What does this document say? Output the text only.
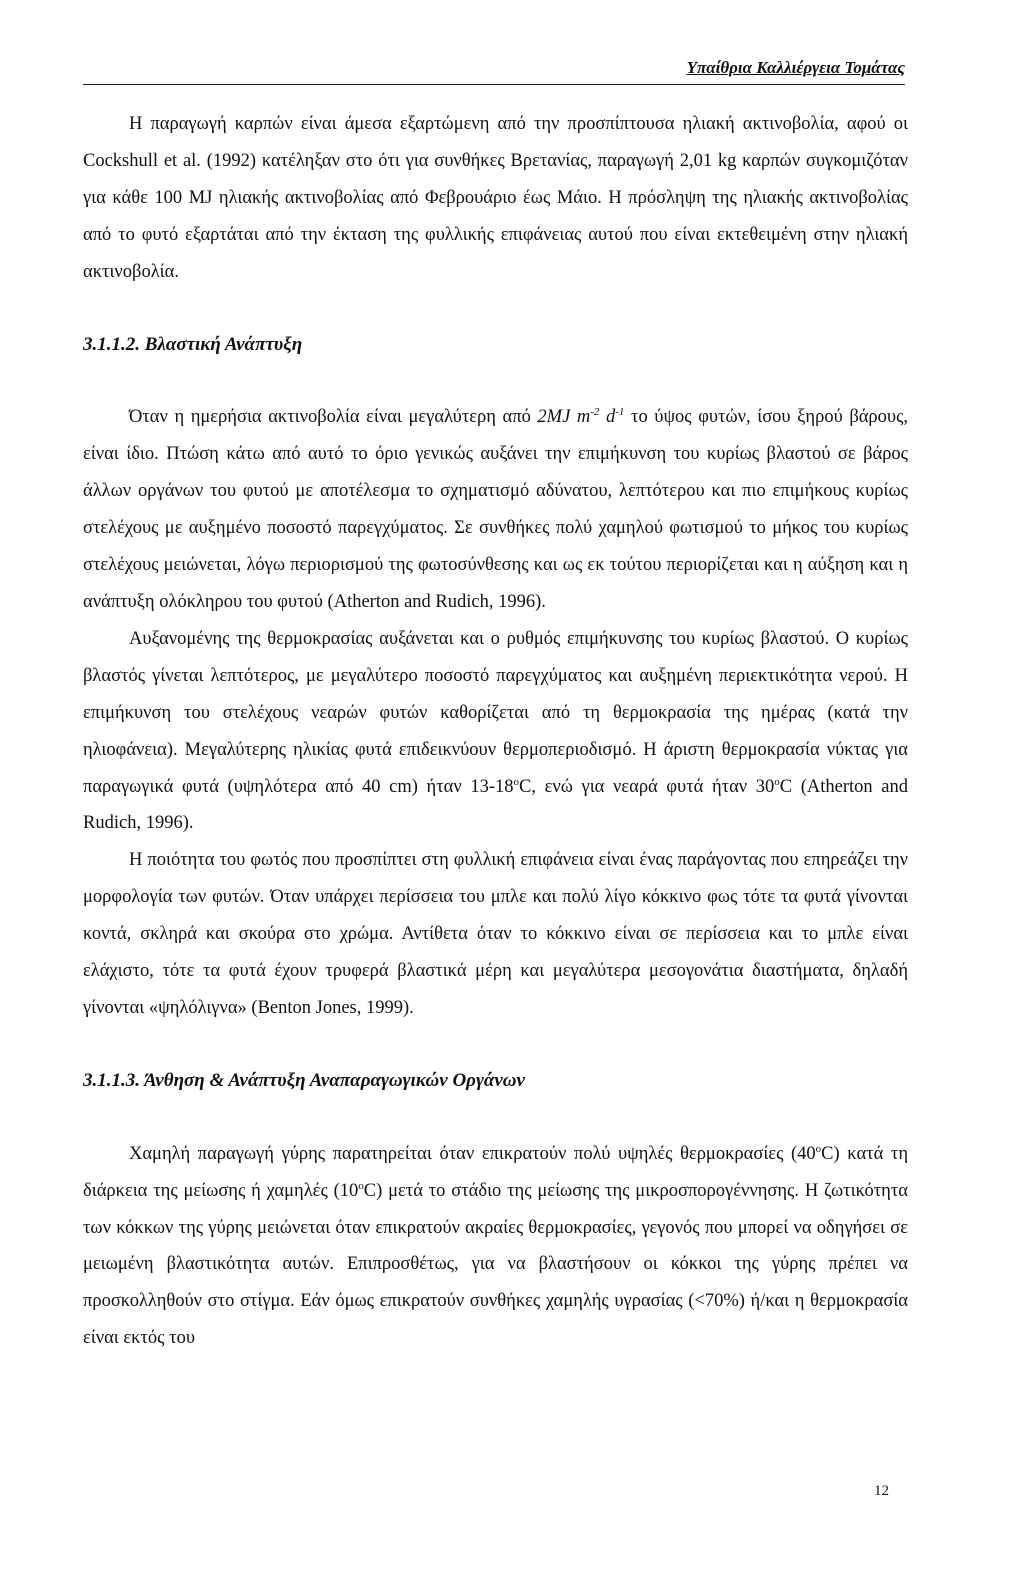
Υπαίθρια Καλλιέργεια Τομάτας

Η παραγωγή καρπών είναι άμεσα εξαρτώμενη από την προσπίπτουσα ηλιακή ακτινοβολία, αφού οι Cockshull et al. (1992) κατέληξαν στο ότι για συνθήκες Βρετανίας, παραγωγή 2,01 kg καρπών συγκομιζόταν για κάθε 100 MJ ηλιακής ακτινοβολίας από Φεβρουάριο έως Μάιο. Η πρόσληψη της ηλιακής ακτινοβολίας από το φυτό εξαρτάται από την έκταση της φυλλικής επιφάνειας αυτού που είναι εκτεθειμένη στην ηλιακή ακτινοβολία.

3.1.1.2. Βλαστική Ανάπτυξη

Όταν η ημερήσια ακτινοβολία είναι μεγαλύτερη από 2MJ $m^{-2}$ $d^{-1}$ το ύψος φυτών, ίσου ξηρού βάρους, είναι ίδιο. Πτώση κάτω από αυτό το όριο γενικώς αυξάνει την επιμήκυνση του κυρίως βλαστού σε βάρος άλλων οργάνων του φυτού με αποτέλεσμα το σχηματισμό αδύνατου, λεπτότερου και πιο επιμήκους κυρίως στελέχους με αυξημένο ποσοστό παρεγχύματος. Σε συνθήκες πολύ χαμηλού φωτισμού το μήκος του κυρίως στελέχους μειώνεται, λόγω περιορισμού της φωτοσύνθεσης και ως εκ τούτου περιορίζεται και η αύξηση και η ανάπτυξη ολόκληρου του φυτού (Atherton and Rudich, 1996).

Αυξανομένης της θερμοκρασίας αυξάνεται και ο ρυθμός επιμήκυνσης του κυρίως βλαστού. Ο κυρίως βλαστός γίνεται λεπτότερος, με μεγαλύτερο ποσοστό παρεγχύματος και αυξημένη περιεκτικότητα νερού. Η επιμήκυνση του στελέχους νεαρών φυτών καθορίζεται από τη θερμοκρασία της ημέρας (κατά την ηλιοφάνεια). Μεγαλύτερης ηλικίας φυτά επιδεικνύουν θερμοπεριοδισμό. Η άριστη θερμοκρασία νύκτας για παραγωγικά φυτά (υψηλότερα από 40 cm) ήταν 13-18$^o$C, ενώ για νεαρά φυτά ήταν 30$^o$C (Atherton and Rudich, 1996).

Η ποιότητα του φωτός που προσπίπτει στη φυλλική επιφάνεια είναι ένας παράγοντας που επηρεάζει την μορφολογία των φυτών. Όταν υπάρχει περίσσεια του μπλε και πολύ λίγο κόκκινο φως τότε τα φυτά γίνονται κοντά, σκληρά και σκούρα στο χρώμα. Αντίθετα όταν το κόκκινο είναι σε περίσσεια και το μπλε είναι ελάχιστο, τότε τα φυτά έχουν τρυφερά βλαστικά μέρη και μεγαλύτερα μεσογονάτια διαστήματα, δηλαδή γίνονται «ψηλόλιγνα» (Benton Jones, 1999).

3.1.1.3. Άνθηση & Ανάπτυξη Αναπαραγωγικών Οργάνων

Χαμηλή παραγωγή γύρης παρατηρείται όταν επικρατούν πολύ υψηλές θερμοκρασίες (40$^o$C) κατά τη διάρκεια της μείωσης ή χαμηλές (10$^o$C) μετά το στάδιο της μείωσης της μικροσπορογέννησης. Η ζωτικότητα των κόκκων της γύρης μειώνεται όταν επικρατούν ακραίες θερμοκρασίες, γεγονός που μπορεί να οδηγήσει σε μειωμένη βλαστικότητα αυτών. Επιπροσθέτως, για να βλαστήσουν οι κόκκοι της γύρης πρέπει να προσκολληθούν στο στίγμα. Εάν όμως επικρατούν συνθήκες χαμηλής υγρασίας (<70%) ή/και η θερμοκρασία είναι εκτός του

12
